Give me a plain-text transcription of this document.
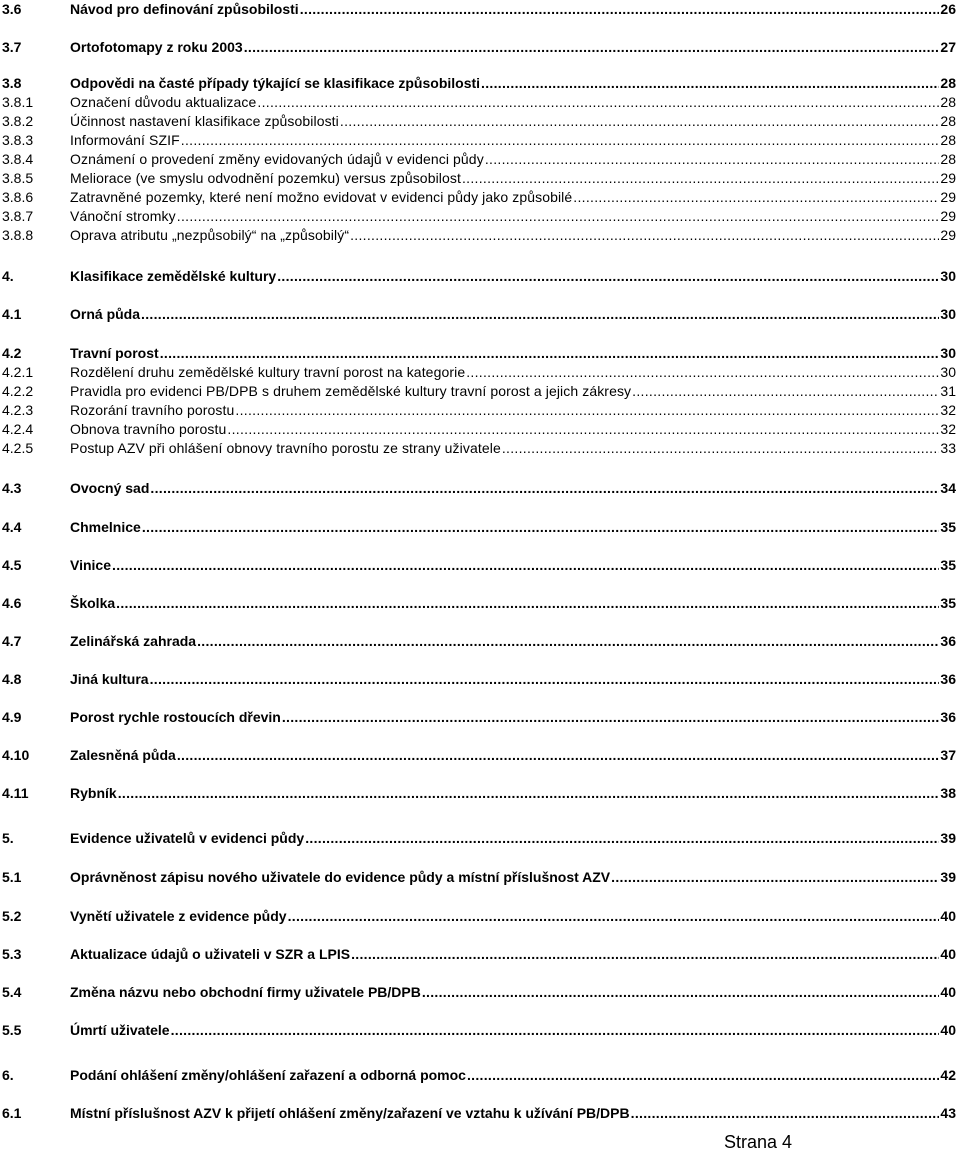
3.6	Návod pro definování způsobilosti .....	26
3.7	Ortofotomapy z roku 2003 .....	27
3.8	Odpovědi na časté případy týkající se klasifikace způsobilosti .....	28
3.8.1	Označení důvodu aktualizace .....	28
3.8.2	Účinnost nastavení klasifikace způsobilosti .....	28
3.8.3	Informování SZIF .....	28
3.8.4	Oznámení o provedení změny evidovaných údajů v evidenci půdy .....	28
3.8.5	Meliorace (ve smyslu odvodnění pozemku) versus způsobilost .....	29
3.8.6	Zatravněné pozemky, které není možno evidovat v evidenci půdy jako způsobilé .....	29
3.8.7	Vánoční stromky .....	29
3.8.8	Oprava atributu „nezpůsobilý“ na „způsobilý“ .....	29
4.	Klasifikace zemědělské kultury .....	30
4.1	Orná půda .....	30
4.2	Travní porost .....	30
4.2.1	Rozdělení druhu zemědělské kultury travní porost na kategorie .....	30
4.2.2	Pravidla pro evidenci PB/DPB s druhem zemědělské kultury travní porost a jejich zákresy .....	31
4.2.3	Rozorání travního porostu .....	32
4.2.4	Obnova travního porostu .....	32
4.2.5	Postup AZV při ohlášení obnovy travního porostu ze strany uživatele .....	33
4.3	Ovocný sad .....	34
4.4	Chmelnice .....	35
4.5	Vinice .....	35
4.6	Školka .....	35
4.7	Zelinářská zahrada .....	36
4.8	Jiná kultura .....	36
4.9	Porost rychle rostoucích dřevin .....	36
4.10	Zalesněná půda .....	37
4.11	Rybník .....	38
5.	Evidence uživatelů v evidenci půdy .....	39
5.1	Oprávněnost zápisu nového uživatele do evidence půdy a místní příslušnost AZV .....	39
5.2	Vynětí uživatele z evidence půdy .....	40
5.3	Aktualizace údajů o uživateli v SZR a LPIS .....	40
5.4	Změna názvu nebo obchodní firmy uživatele PB/DPB .....	40
5.5	Úmrtí uživatele .....	40
6.	Podání ohlášení změny/ohlášení zařazení a odborná pomoc .....	42
6.1	Místní příslušnost AZV k přijetí ohlášení změny/zařazení ve vztahu k užívání PB/DPB .....	43
Strana 4
